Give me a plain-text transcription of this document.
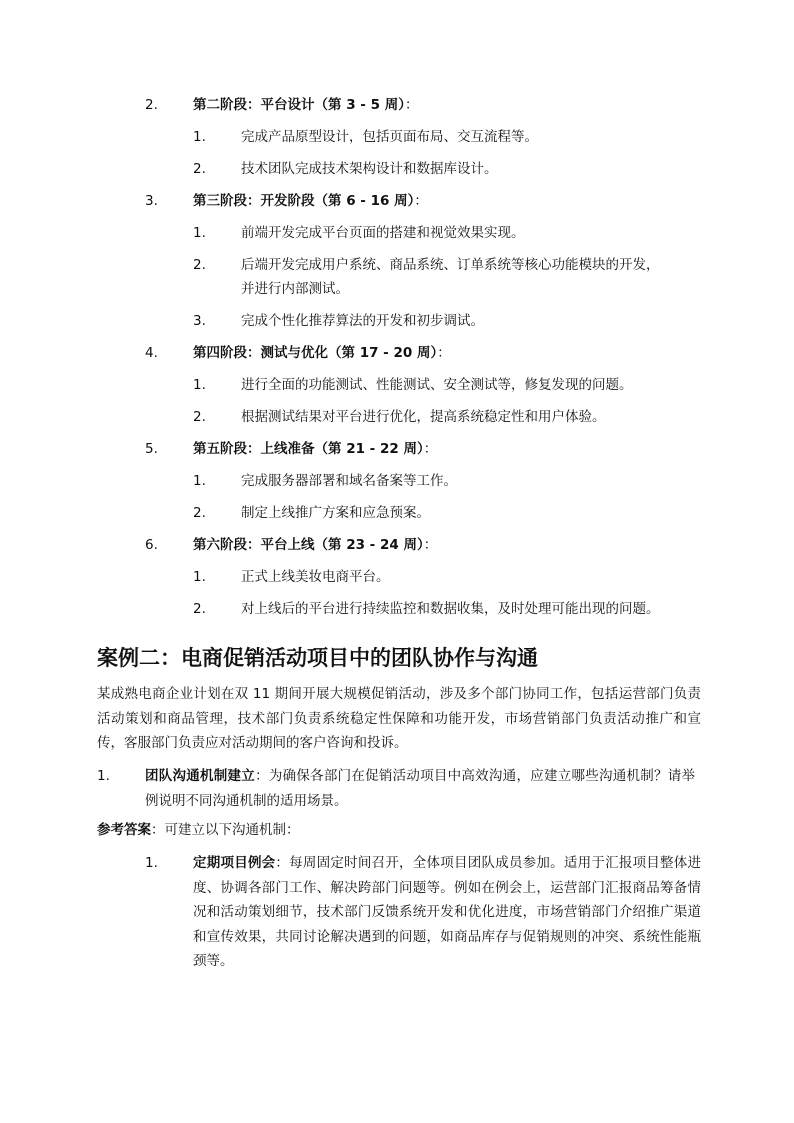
2.	第二阶段：平台设计（第 3 - 5 周）：
1.	完成产品原型设计，包括页面布局、交互流程等。
2.	技术团队完成技术架构设计和数据库设计。
3.	第三阶段：开发阶段（第 6 - 16 周）：
1.	前端开发完成平台页面的搭建和视觉效果实现。
2.	后端开发完成用户系统、商品系统、订单系统等核心功能模块的开发，
并进行内部测试。
3.	完成个性化推荐算法的开发和初步调试。
4.	第四阶段：测试与优化（第 17 - 20 周）：
1.	进行全面的功能测试、性能测试、安全测试等，修复发现的问题。
2.	根据测试结果对平台进行优化，提高系统稳定性和用户体验。
5.	第五阶段：上线准备（第 21 - 22 周）：
1.	完成服务器部署和域名备案等工作。
2.	制定上线推广方案和应急预案。
6.	第六阶段：平台上线（第 23 - 24 周）：
1.	正式上线美妆电商平台。
2.	对上线后的平台进行持续监控和数据收集，及时处理可能出现的问题。
案例二：电商促销活动项目中的团队协作与沟通
某成熟电商企业计划在双 11 期间开展大规模促销活动，涉及多个部门协同工作，包括运营部门负责活动策划和商品管理，技术部门负责系统稳定性保障和功能开发，市场营销部门负责活动推广和宣传，客服部门负责应对活动期间的客户咨询和投诉。
1.	团队沟通机制建立：为确保各部门在促销活动项目中高效沟通，应建立哪些沟通机制？请举例说明不同沟通机制的适用场景。
参考答案：可建立以下沟通机制：
1.	定期项目例会：每周固定时间召开，全体项目团队成员参加。适用于汇报项目整体进度、协调各部门工作、解决跨部门问题等。例如在例会上，运营部门汇报商品筹备情况和活动策划细节，技术部门反馈系统开发和优化进度，市场营销部门介绍推广渠道和宣传效果，共同讨论解决遇到的问题，如商品库存与促销规则的冲突、系统性能瓶颈等。
